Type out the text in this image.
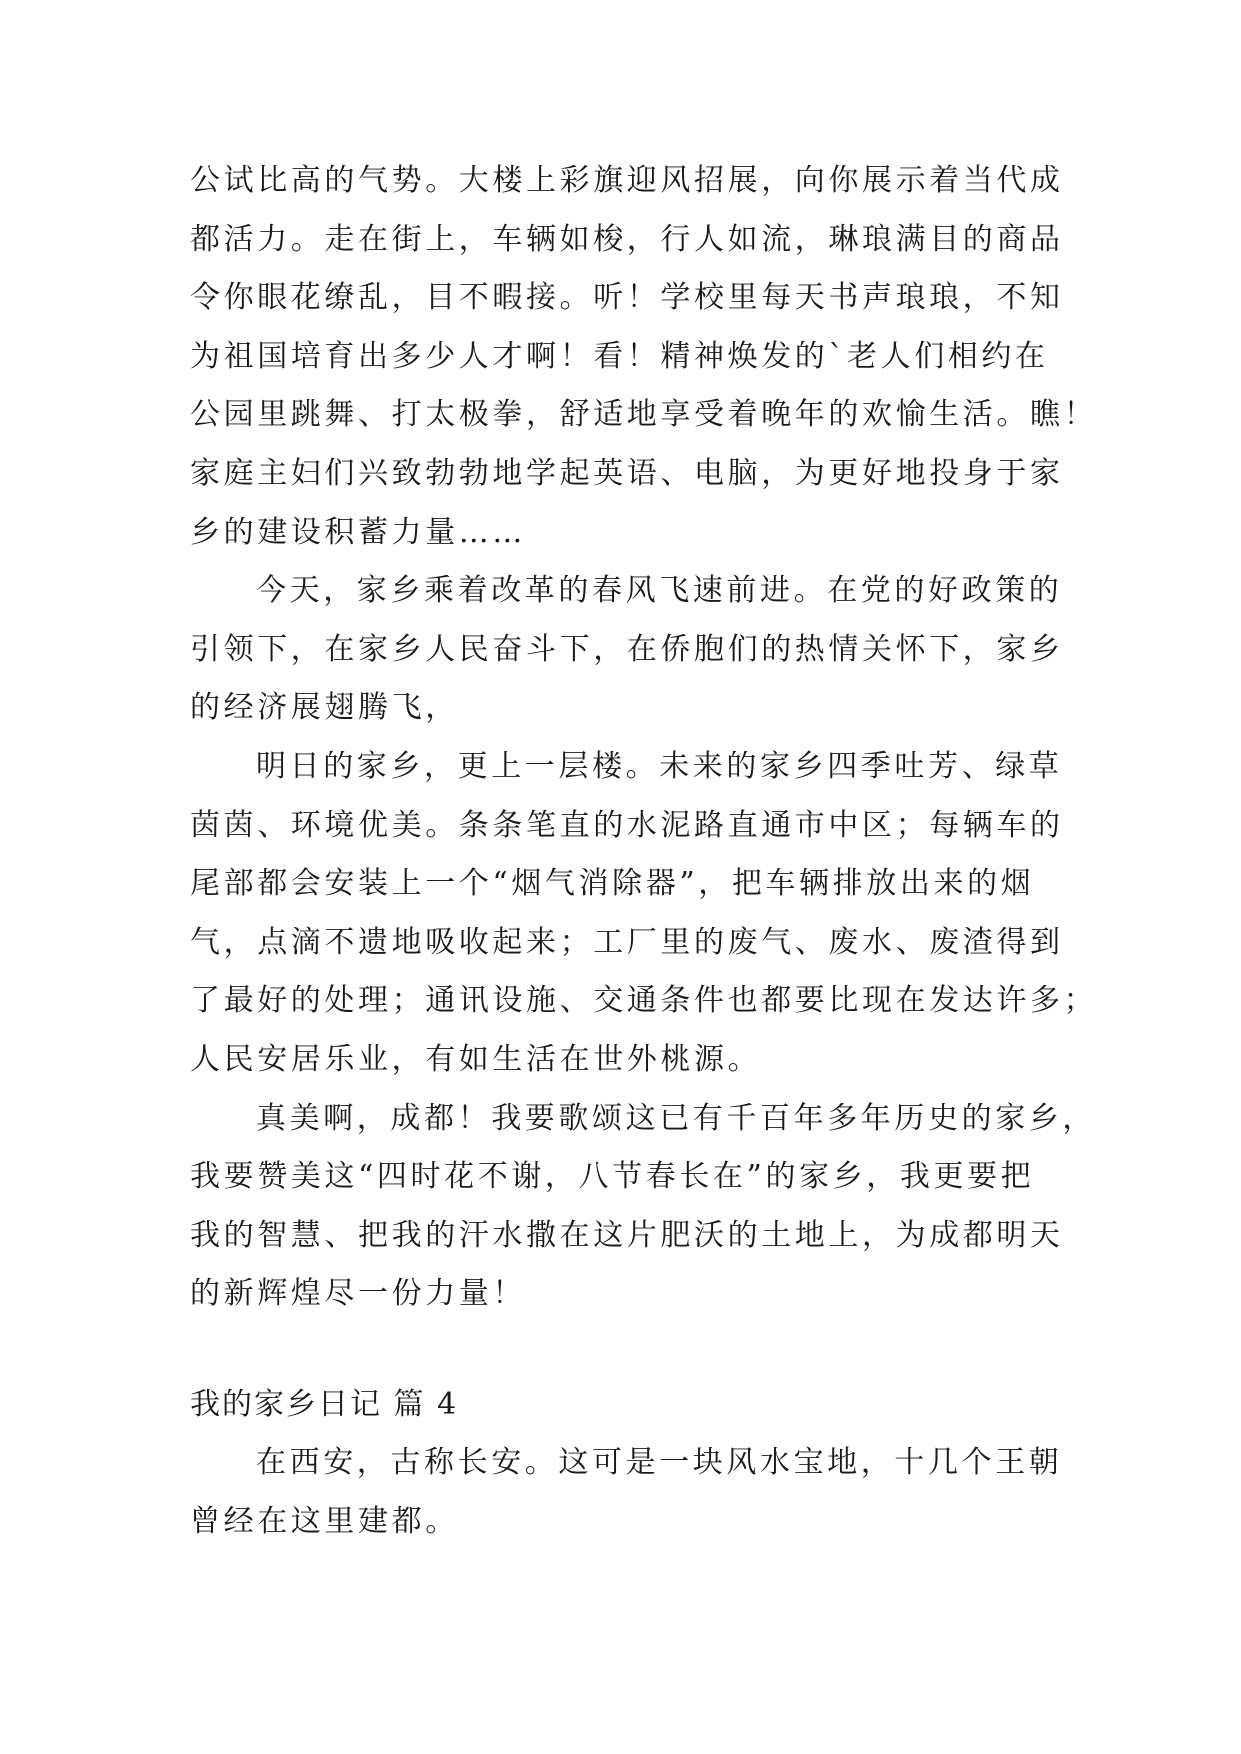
公试比高的气势。大楼上彩旗迎风招展，向你展示着当代成
都活力。走在街上，车辆如梭，行人如流，琳琅满目的商品
令你眼花缭乱，目不暇接。听！学校里每天书声琅琅，不知
为祖国培育出多少人才啊！看！精神焕发的`老人们相约在
公园里跳舞、打太极拳，舒适地享受着晚年的欢愉生活。瞧！
家庭主妇们兴致勃勃地学起英语、电脑，为更好地投身于家
乡的建设积蓄力量……
今天，家乡乘着改革的春风飞速前进。在党的好政策的
引领下，在家乡人民奋斗下，在侨胞们的热情关怀下，家乡
的经济展翅腾飞，
明日的家乡，更上一层楼。未来的家乡四季吐芳、绿草
茵茵、环境优美。条条笔直的水泥路直通市中区；每辆车的
尾部都会安装上一个“烟气消除器”，把车辆排放出来的烟
气，点滴不遗地吸收起来；工厂里的废气、废水、废渣得到
了最好的处理；通讯设施、交通条件也都要比现在发达许多；
人民安居乐业，有如生活在世外桃源。
真美啊，成都！我要歌颂这已有千百年多年历史的家乡，
我要赞美这“四时花不谢，八节春长在”的家乡，我更要把
我的智慧、把我的汗水撒在这片肥沃的土地上，为成都明天
的新辉煌尽一份力量！
我的家乡日记 篇 4
在西安，古称长安。这可是一块风水宝地，十几个王朝
曾经在这里建都。
